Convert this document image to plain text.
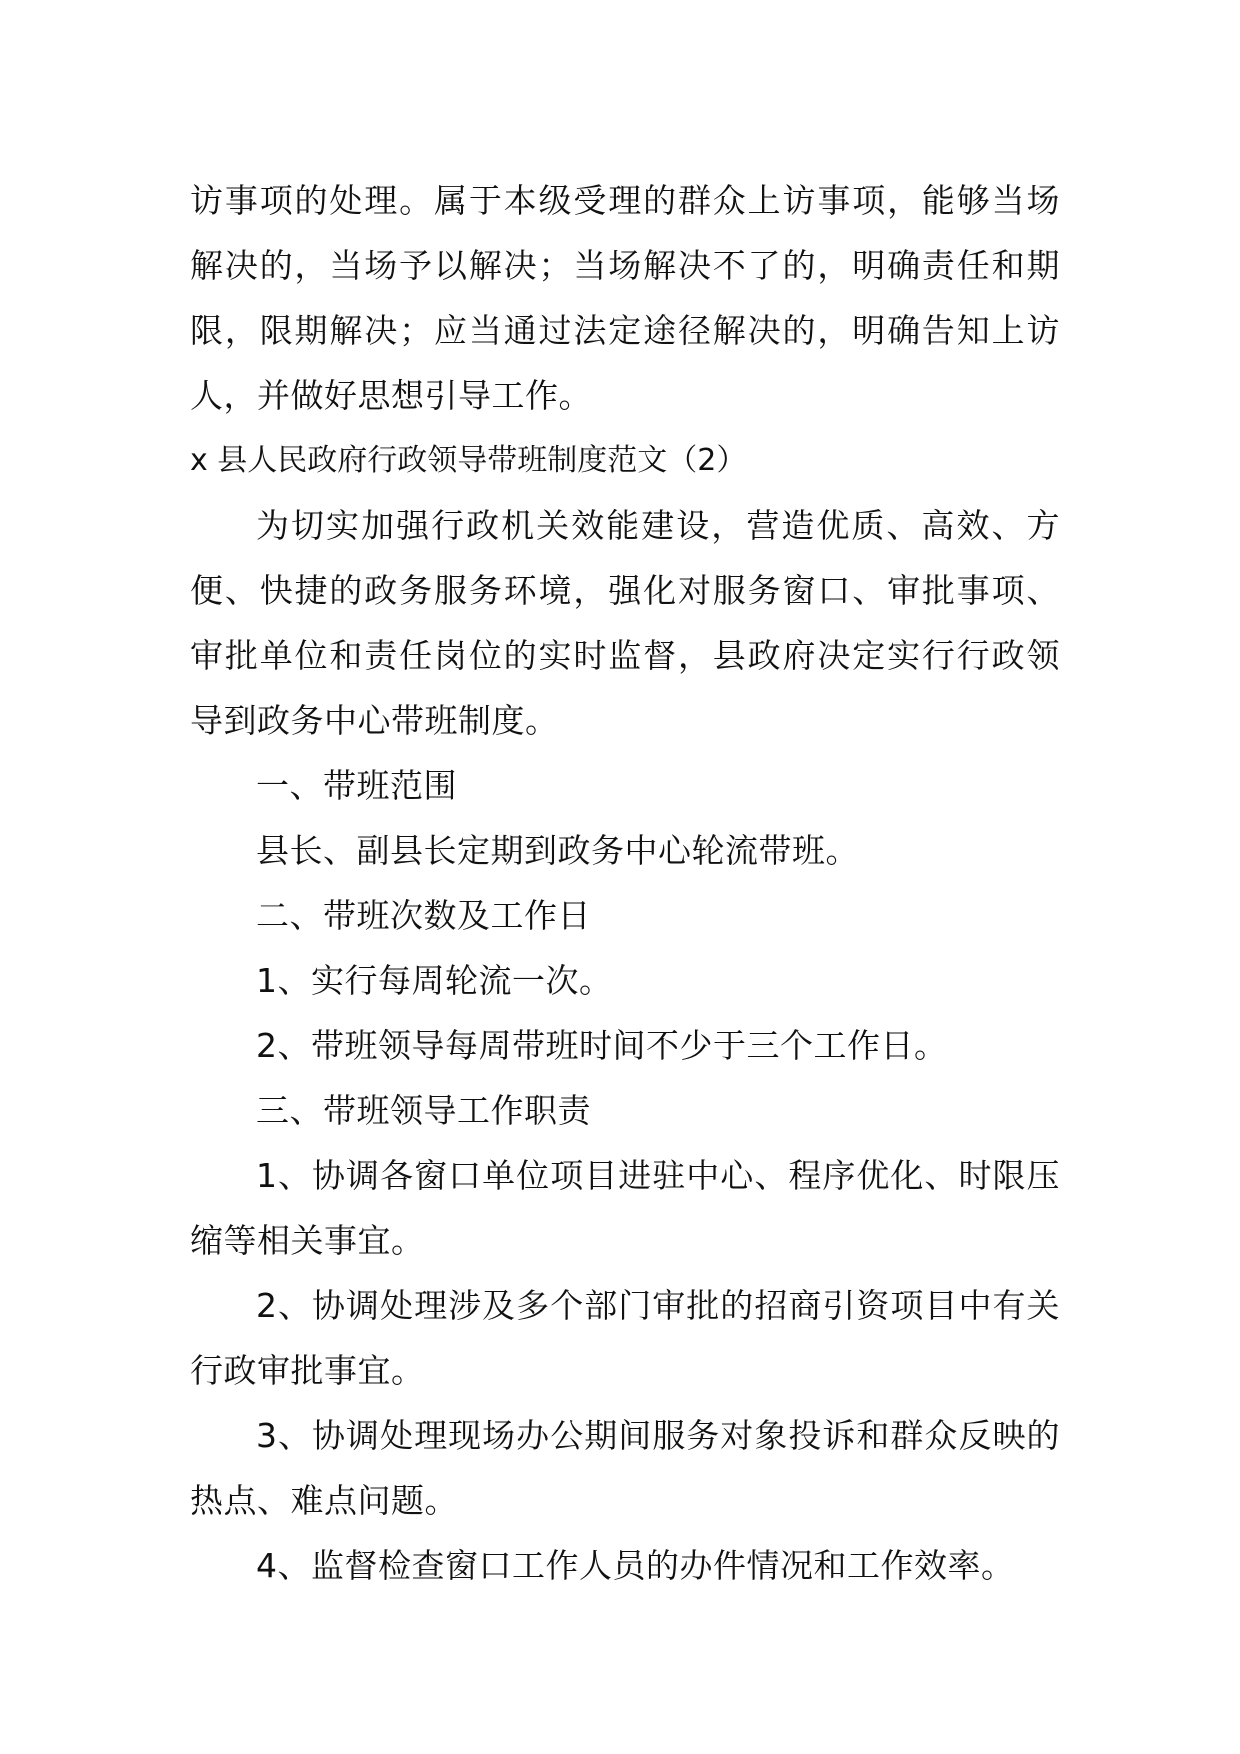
访事项的处理。属于本级受理的群众上访事项，能够当场解决的，当场予以解决；当场解决不了的，明确责任和期限，限期解决；应当通过法定途径解决的，明确告知上访人，并做好思想引导工作。

x 县人民政府行政领导带班制度范文（2）

为切实加强行政机关效能建设，营造优质、高效、方便、快捷的政务服务环境，强化对服务窗口、审批事项、审批单位和责任岗位的实时监督，县政府决定实行行政领导到政务中心带班制度。

一、带班范围

县长、副县长定期到政务中心轮流带班。

二、带班次数及工作日

1、实行每周轮流一次。

2、带班领导每周带班时间不少于三个工作日。

三、带班领导工作职责

1、协调各窗口单位项目进驻中心、程序优化、时限压缩等相关事宜。

2、协调处理涉及多个部门审批的招商引资项目中有关行政审批事宜。

3、协调处理现场办公期间服务对象投诉和群众反映的热点、难点问题。

4、监督检查窗口工作人员的办件情况和工作效率。
